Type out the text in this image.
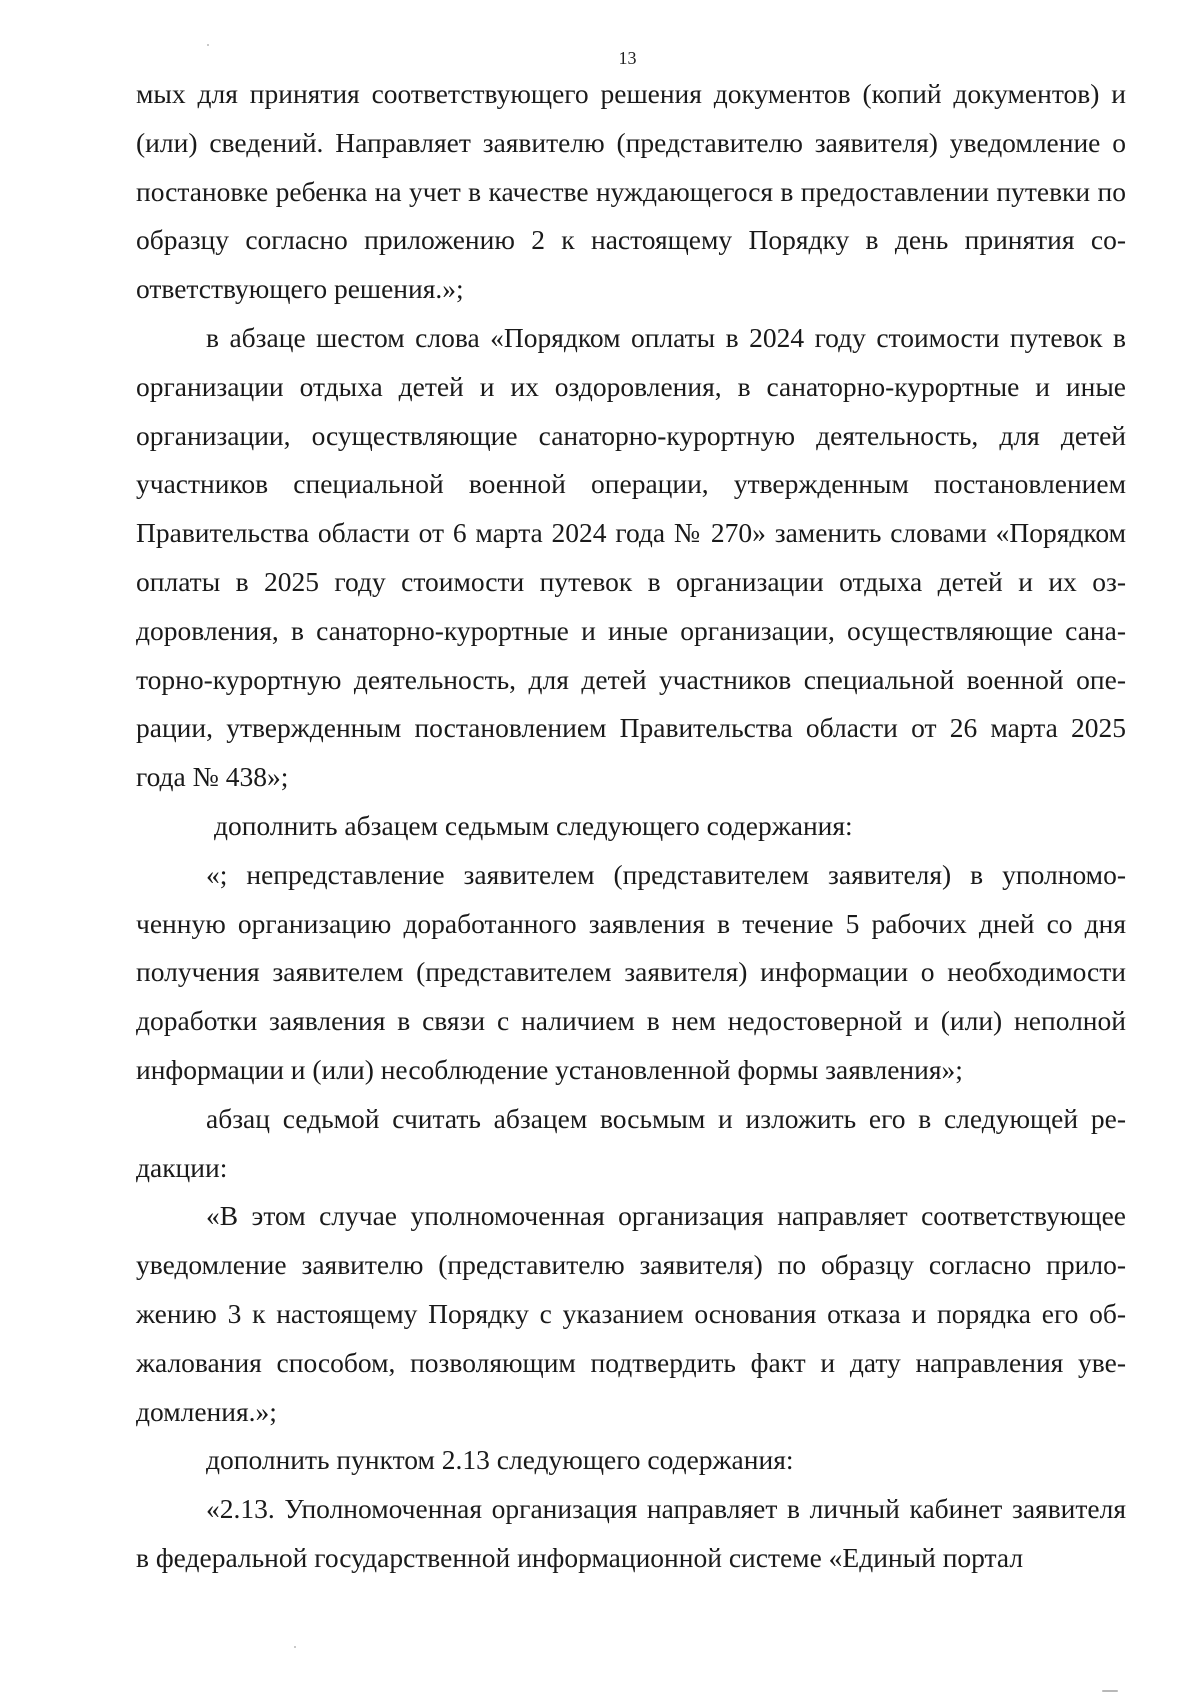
13

мых для принятия соответствующего решения документов (копий документов) и (или) сведений. Направляет заявителю (представителю заявителя) уведомление о постановке ребенка на учет в качестве нуждающегося в предоставлении путевки по образцу согласно приложению 2 к настоящему Порядку в день принятия соответствующего решения.»;

в абзаце шестом слова «Порядком оплаты в 2024 году стоимости путевок в организации отдыха детей и их оздоровления, в санаторно-курортные и иные организации, осуществляющие санаторно-курортную деятельность, для детей участников специальной военной операции, утвержденным постановлением Правительства области от 6 марта 2024 года № 270» заменить словами «Порядком оплаты в 2025 году стоимости путевок в организации отдыха детей и их оздоровления, в санаторно-курортные и иные организации, осуществляющие санаторно-курортную деятельность, для детей участников специальной военной операции, утвержденным постановлением Правительства области от 26 марта 2025 года № 438»;

дополнить абзацем седьмым следующего содержания:

«; непредставление заявителем (представителем заявителя) в уполномоченную организацию доработанного заявления в течение 5 рабочих дней со дня получения заявителем (представителем заявителя) информации о необходимости доработки заявления в связи с наличием в нем недостоверной и (или) неполной информации и (или) несоблюдение установленной формы заявления»;

абзац седьмой считать абзацем восьмым и изложить его в следующей редакции:

«В этом случае уполномоченная организация направляет соответствующее уведомление заявителю (представителю заявителя) по образцу согласно приложению 3 к настоящему Порядку с указанием основания отказа и порядка его обжалования способом, позволяющим подтвердить факт и дату направления уведомления.»;

дополнить пунктом 2.13 следующего содержания:

«2.13. Уполномоченная организация направляет в личный кабинет заявителя в федеральной государственной информационной системе «Единый портал
